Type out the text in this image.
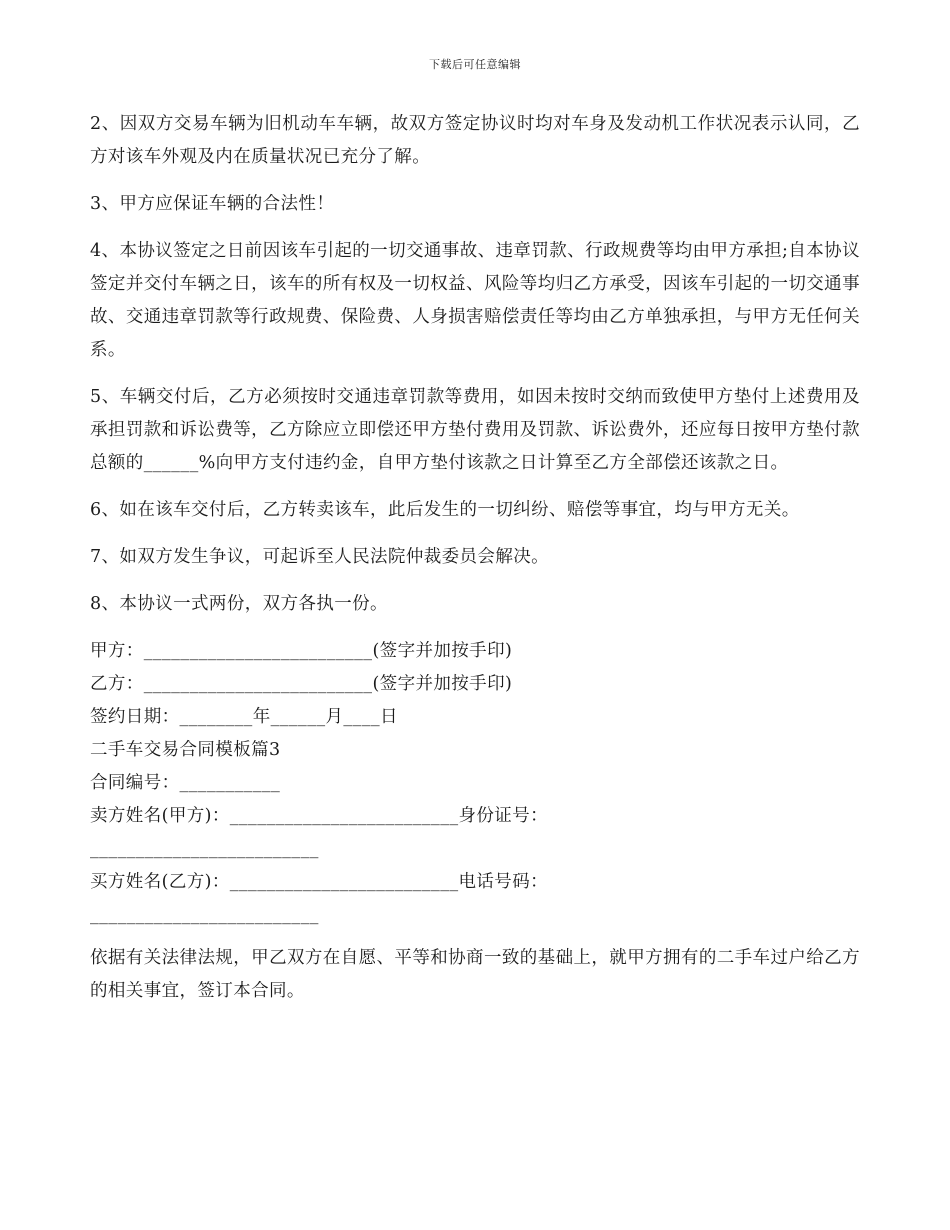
下载后可任意编辑

2、因双方交易车辆为旧机动车车辆，故双方签定协议时均对车身及发动机工作状况表示认同，乙方对该车外观及内在质量状况已充分了解。

3、甲方应保证车辆的合法性！

4、本协议签定之日前因该车引起的一切交通事故、违章罚款、行政规费等均由甲方承担;自本协议签定并交付车辆之日，该车的所有权及一切权益、风险等均归乙方承受，因该车引起的一切交通事故、交通违章罚款等行政规费、保险费、人身损害赔偿责任等均由乙方单独承担，与甲方无任何关系。

5、车辆交付后，乙方必须按时交通违章罚款等费用，如因未按时交纳而致使甲方垫付上述费用及承担罚款和诉讼费等，乙方除应立即偿还甲方垫付费用及罚款、诉讼费外，还应每日按甲方垫付款总额的______%向甲方支付违约金，自甲方垫付该款之日计算至乙方全部偿还该款之日。

6、如在该车交付后，乙方转卖该车，此后发生的一切纠纷、赔偿等事宜，均与甲方无关。

7、如双方发生争议，可起诉至人民法院仲裁委员会解决。

8、本协议一式两份，双方各执一份。

甲方：_________________________(签字并加按手印)

乙方：_________________________(签字并加按手印)

签约日期：________年______月____日

二手车交易合同模板篇3

合同编号：___________

卖方姓名(甲方)：_________________________身份证号：

_________________________

买方姓名(乙方)：_________________________电话号码：

_________________________

依据有关法律法规，甲乙双方在自愿、平等和协商一致的基础上，就甲方拥有的二手车过户给乙方的相关事宜，签订本合同。
